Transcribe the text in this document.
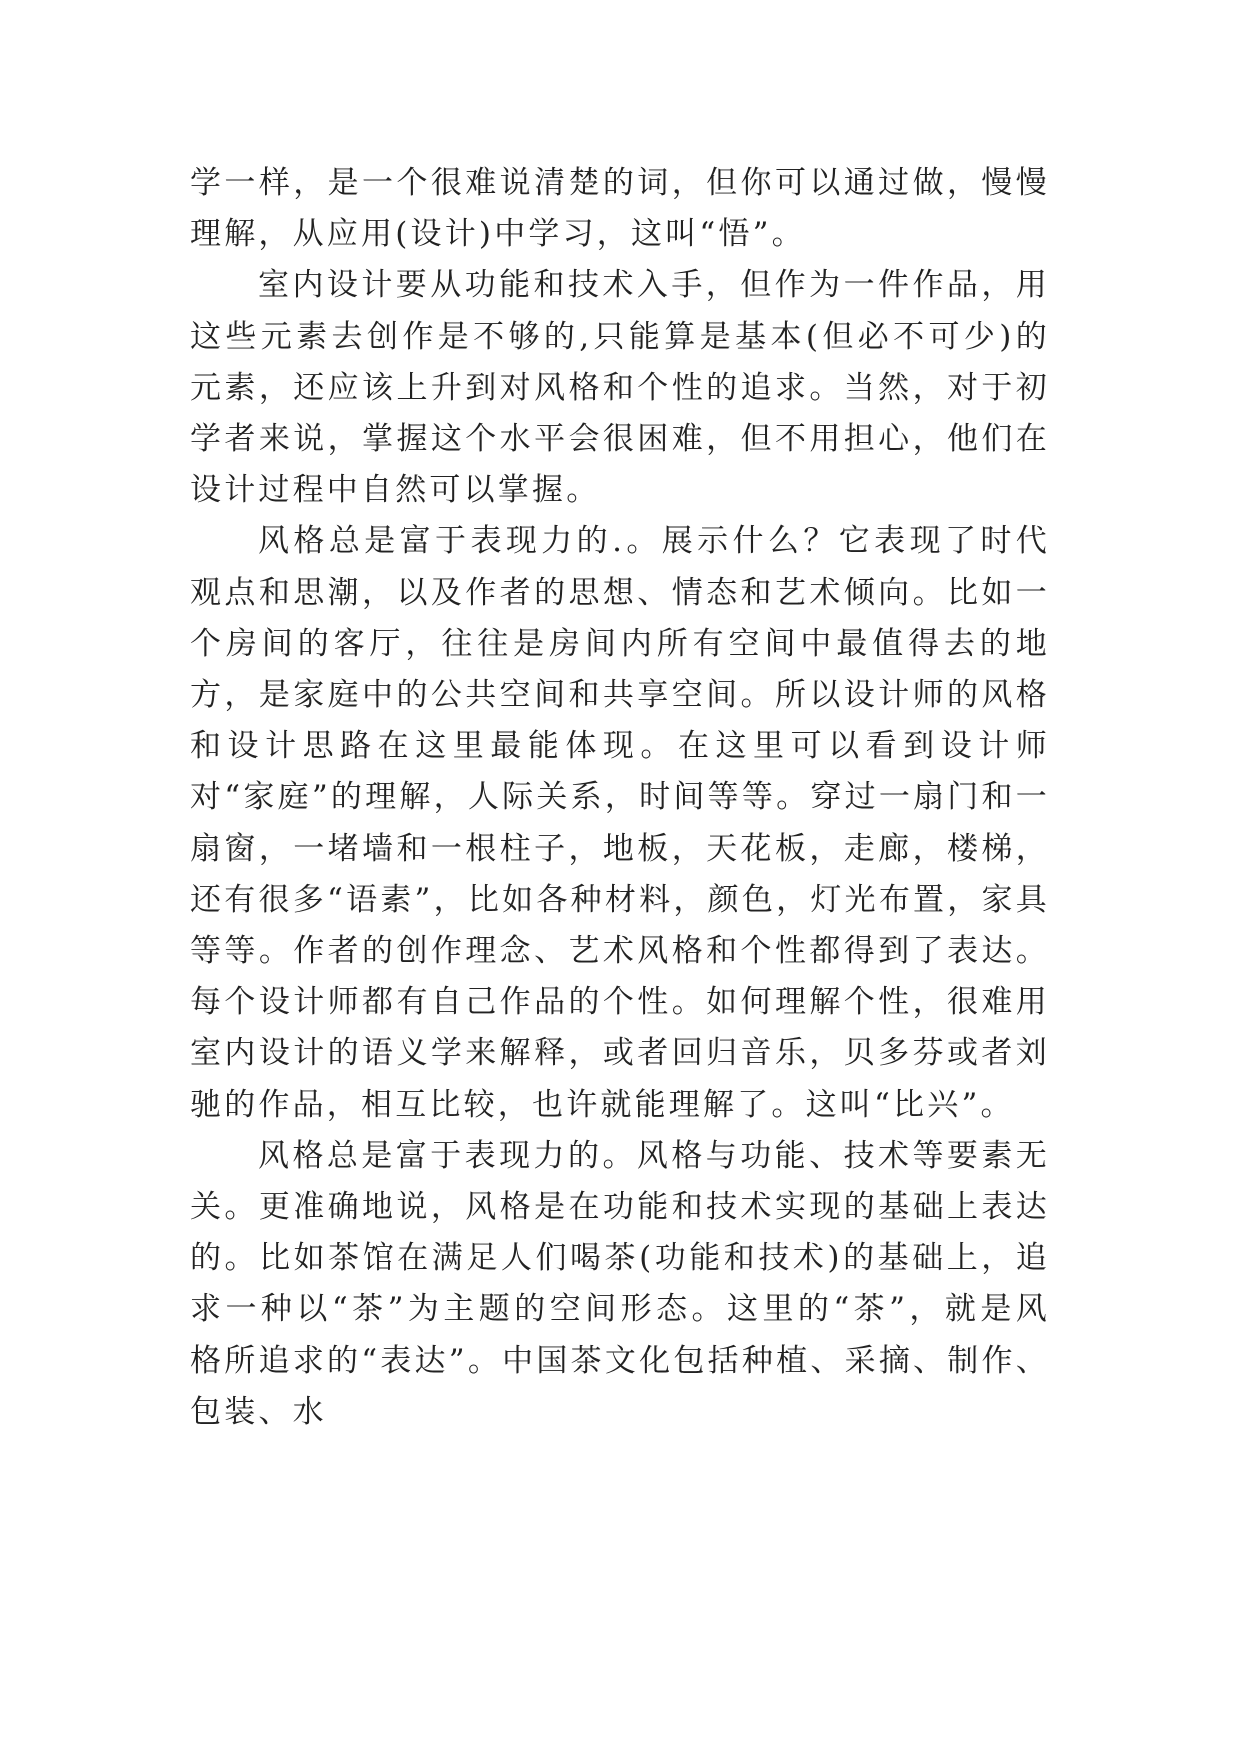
学一样，是一个很难说清楚的词，但你可以通过做，慢慢理解，从应用(设计)中学习，这叫“悟”。

室内设计要从功能和技术入手，但作为一件作品，用这些元素去创作是不够的,只能算是基本(但必不可少)的元素，还应该上升到对风格和个性的追求。当然，对于初学者来说，掌握这个水平会很困难，但不用担心，他们在设计过程中自然可以掌握。

风格总是富于表现力的.。展示什么？它表现了时代观点和思潮，以及作者的思想、情态和艺术倾向。比如一个房间的客厅，往往是房间内所有空间中最值得去的地方，是家庭中的公共空间和共享空间。所以设计师的风格和设计思路在这里最能体现。在这里可以看到设计师对“家庭”的理解，人际关系，时间等等。穿过一扇门和一扇窗，一堵墙和一根柱子，地板，天花板，走廊，楼梯，还有很多“语素”，比如各种材料，颜色，灯光布置，家具等等。作者的创作理念、艺术风格和个性都得到了表达。每个设计师都有自己作品的个性。如何理解个性，很难用室内设计的语义学来解释，或者回归音乐，贝多芬或者刘驰的作品，相互比较，也许就能理解了。这叫“比兴”。

风格总是富于表现力的。风格与功能、技术等要素无关。更准确地说，风格是在功能和技术实现的基础上表达的。比如茶馆在满足人们喝茶(功能和技术)的基础上，追求一种以“茶”为主题的空间形态。这里的“茶”，就是风格所追求的“表达”。中国茶文化包括种植、采摘、制作、包装、水
